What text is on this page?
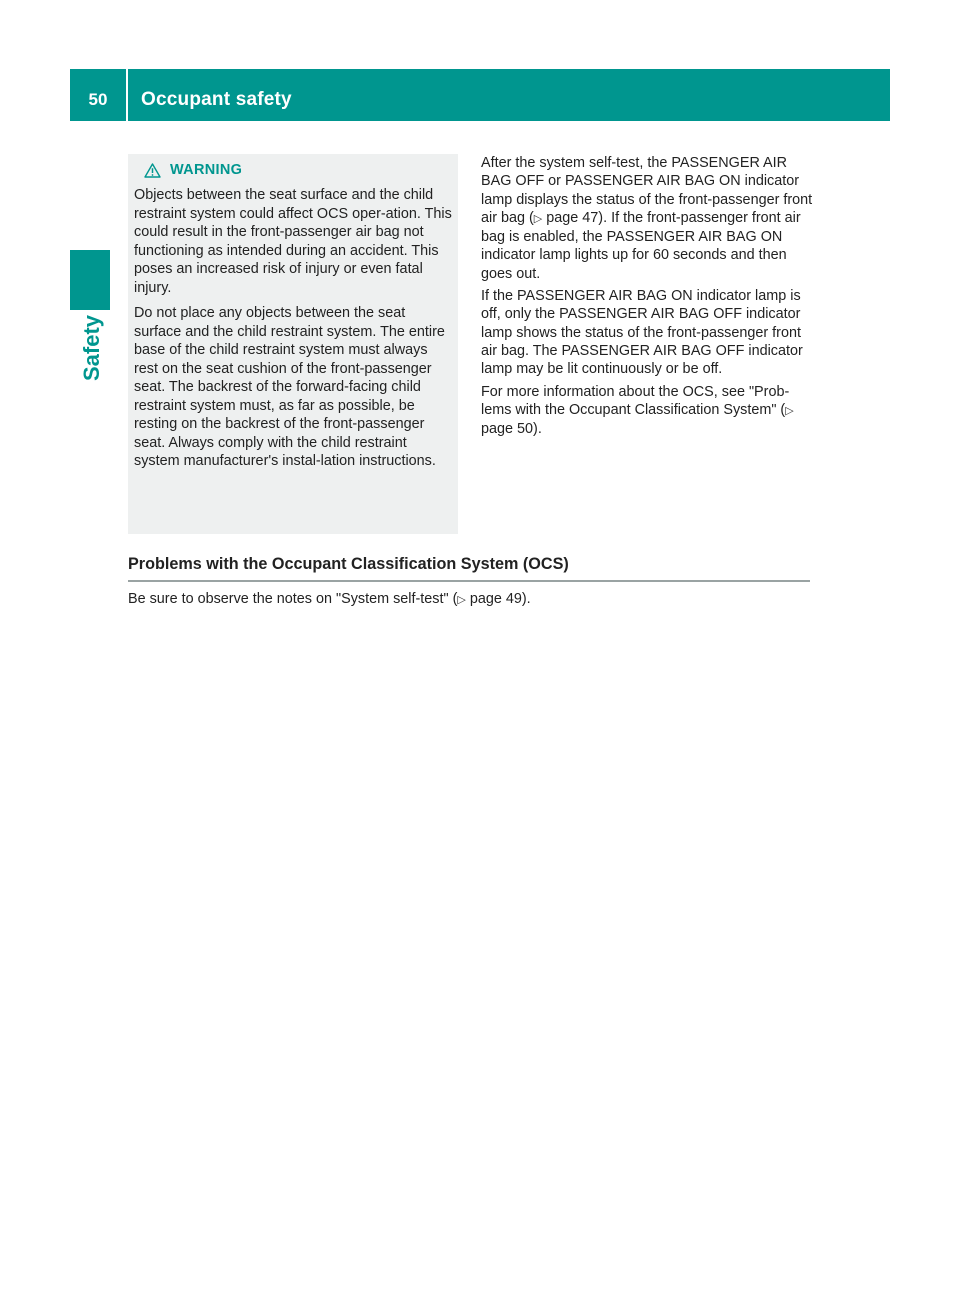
50	Occupant safety
Safety
WARNING

Objects between the seat surface and the child restraint system could affect OCS oper-ation. This could result in the front-passenger air bag not functioning as intended during an accident. This poses an increased risk of injury or even fatal injury.

Do not place any objects between the seat surface and the child restraint system. The entire base of the child restraint system must always rest on the seat cushion of the front-passenger seat. The backrest of the forward-facing child restraint system must, as far as possible, be resting on the backrest of the front-passenger seat. Always comply with the child restraint system manufacturer's instal-lation instructions.

After the system self-test, the PASSENGER AIR BAG OFF or PASSENGER AIR BAG ON indicator lamp displays the status of the front-passenger front air bag (▷ page 47). If the front-passenger front air bag is enabled, the PASSENGER AIR BAG ON indicator lamp lights up for 60 seconds and then goes out.

If the PASSENGER AIR BAG ON indicator lamp is off, only the PASSENGER AIR BAG OFF indicator lamp shows the status of the front-passenger front air bag. The PASSENGER AIR BAG OFF indicator lamp may be lit continuously or be off.

For more information about the OCS, see "Prob-lems with the Occupant Classification System" (▷ page 50).

Problems with the Occupant Classification System (OCS)
Be sure to observe the notes on "System self-test" (▷ page 49).
